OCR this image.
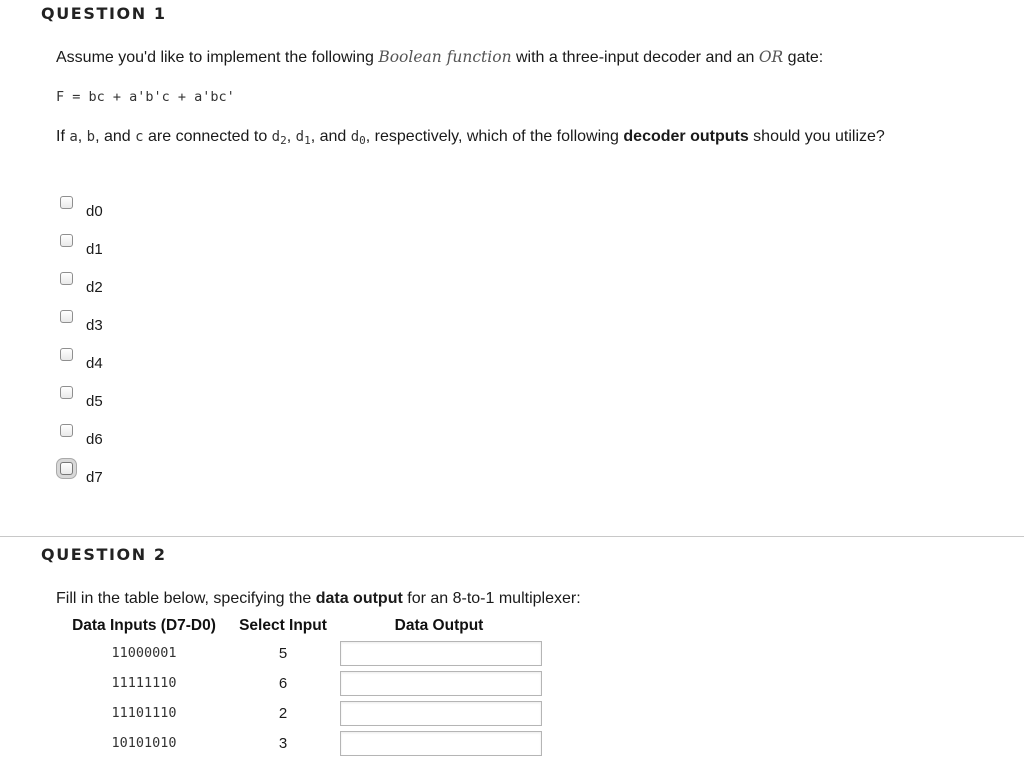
QUESTION 1
Assume you'd like to implement the following Boolean function with a three-input decoder and an OR gate:
F = bc + a'b'c + a'bc'
If a, b, and c are connected to $d_2$, $d_1$, and $d_0$, respectively, which of the following decoder outputs should you utilize?
d0
d1
d2
d3
d4
d5
d6
d7
QUESTION 2
Fill in the table below, specifying the data output for an 8-to-1 multiplexer:
Data Inputs (D7-D0)	Select Input	Data Output
11000001	5	

11111110	6	

11101110	2	

10101010	3	
